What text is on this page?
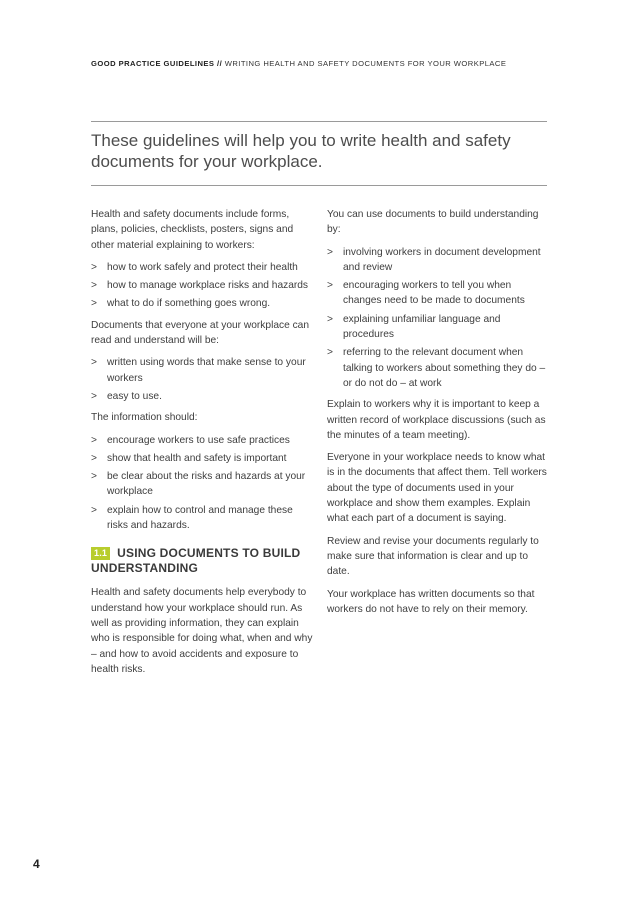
GOOD PRACTICE GUIDELINES // WRITING HEALTH AND SAFETY DOCUMENTS FOR YOUR WORKPLACE
These guidelines will help you to write health and safety documents for your workplace.

Health and safety documents include forms, plans, policies, checklists, posters, signs and other material explaining to workers:

> how to work safely and protect their health
> how to manage workplace risks and hazards
> what to do if something goes wrong.

Documents that everyone at your workplace can read and understand will be:

> written using words that make sense to your workers
> easy to use.

The information should:

> encourage workers to use safe practices
> show that health and safety is important
> be clear about the risks and hazards at your workplace
> explain how to control and manage these risks and hazards.
1.1 USING DOCUMENTS TO BUILD UNDERSTANDING

Health and safety documents help everybody to understand how your workplace should run. As well as providing information, they can explain who is responsible for doing what, when and why – and how to avoid accidents and exposure to health risks.

You can use documents to build understanding by:

> involving workers in document development and review
> encouraging workers to tell you when changes need to be made to documents
> explaining unfamiliar language and procedures
> referring to the relevant document when talking to workers about something they do – or do not do – at work

Explain to workers why it is important to keep a written record of workplace discussions (such as the minutes of a team meeting).

Everyone in your workplace needs to know what is in the documents that affect them. Tell workers about the type of documents used in your workplace and show them examples. Explain what each part of a document is saying.

Review and revise your documents regularly to make sure that information is clear and up to date.

Your workplace has written documents so that workers do not have to rely on their memory.

4
